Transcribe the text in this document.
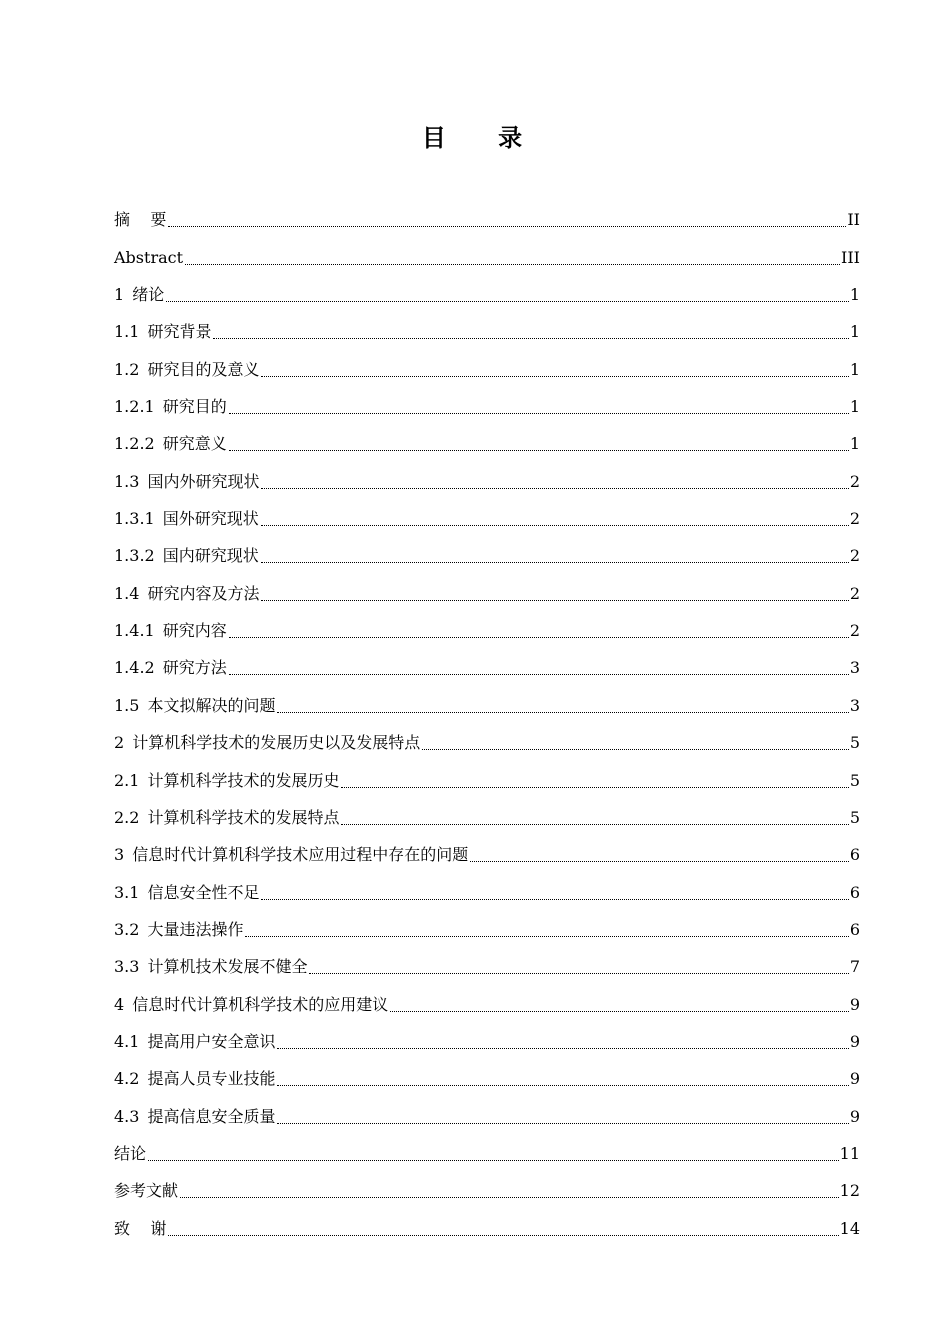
目 录
摘    要	II
Abstract	III
1 绪论	1
1.1 研究背景	1
1.2 研究目的及意义	1
1.2.1 研究目的	1
1.2.2 研究意义	1
1.3 国内外研究现状	2
1.3.1 国外研究现状	2
1.3.2 国内研究现状	2
1.4 研究内容及方法	2
1.4.1 研究内容	2
1.4.2 研究方法	3
1.5 本文拟解决的问题	3
2 计算机科学技术的发展历史以及发展特点	5
2.1 计算机科学技术的发展历史	5
2.2 计算机科学技术的发展特点	5
3 信息时代计算机科学技术应用过程中存在的问题	6
3.1 信息安全性不足	6
3.2 大量违法操作	6
3.3 计算机技术发展不健全	7
4 信息时代计算机科学技术的应用建议	9
4.1 提高用户安全意识	9
4.2 提高人员专业技能	9
4.3 提高信息安全质量	9
结论	11
参考文献	12
致    谢	14
